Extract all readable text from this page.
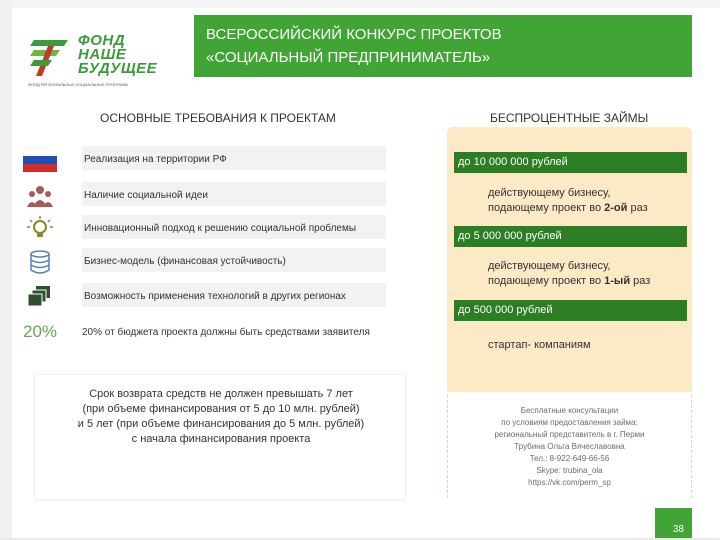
ФОНД
НАШЕ
БУДУЩЕЕ
ФОНД РЕГИОНАЛЬНЫХ СОЦИАЛЬНЫХ ПРОГРАММ
ВСЕРОССИЙСКИЙ КОНКУРС ПРОЕКТОВ
«СОЦИАЛЬНЫЙ ПРЕДПРИНИМАТЕЛЬ»
ОСНОВНЫЕ ТРЕБОВАНИЯ К ПРОЕКТАМ
Реализация на территории РФ
Наличие социальной идеи
Инновационный подход к решению социальной проблемы
Бизнес-модель (финансовая устойчивость)
Возможность применения технологий в других регионах
20% 20% от бюджета проекта должны быть средствами заявителя
Срок возврата средств не должен превышать 7 лет
(при объеме финансирования от 5 до 10 млн. рублей)
и 5 лет (при объеме финансирования до 5 млн. рублей)
с начала финансирования проекта
БЕСПРОЦЕНТНЫЕ ЗАЙМЫ
до 10 000 000 рублей
действующему бизнесу,
подающему проект во 2-ой раз
до 5 000 000 рублей
действующему бизнесу,
подающему проект во 1-ый раз
до 500 000 рублей
стартап- компаниям
Бесплатные консультации
по условиям предоставления займа:
региональный представитель в г. Перми
Трубина Ольга Вячеславовна
Тел.: 8-922-649-66-56
Skype: trubina_ola
https://vk.com/perm_sp
38
